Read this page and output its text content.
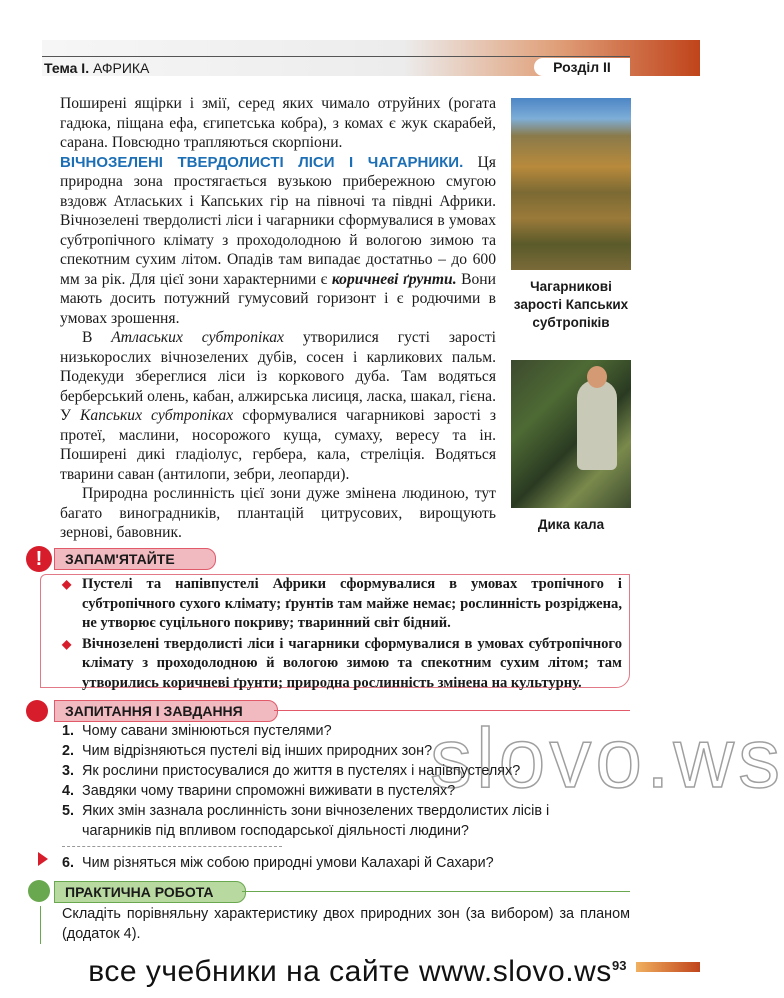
Тема І. АФРИКА	Розділ ІІ

Поширені ящірки і змії, серед яких чимало отруйних (рогата гадюка, піщана ефа, єгипетська кобра), з комах є жук скарабей, сарана. Повсюдно трапляються скорпіони.

ВІЧНОЗЕЛЕНІ ТВЕРДОЛИСТІ ЛІСИ І ЧАГАРНИКИ. Ця природна зона простягається вузькою прибережною смугою вздовж Атлаських і Капських гір на півночі та півдні Африки. Вічнозелені твердолисті ліси і чагарники сформувалися в умовах субтропічного клімату з проходолодною й вологою зимою та спекотним сухим літом. Опадів там випадає достатньо – до 600 мм за рік. Для цієї зони характерними є коричневі ґрунти. Вони мають досить потужний гумусовий горизонт і є родючими в умовах зрошення.

В Атлаських субтропіках утворилися густі зарості низькорослих вічнозелених дубів, сосен і карликових пальм. Подекуди збереглися ліси із коркового дуба. Там водяться берберський олень, кабан, алжирська лисиця, ласка, шакал, гієна. У Капських субтропіках сформувалися чагарникові зарості з протеї, маслини, носорожого куща, сумаху, вересу та ін. Поширені дикі гладіолус, гербера, кала, стреліція. Водяться тварини саван (антилопи, зебри, леопарди).

Природна рослинність цієї зони дуже змінена людиною, тут багато виноградників, плантацій цитрусових, вирощують зернові, бавовник.

Чагарникові зарості Капських субтропіків
Дика кала
!	ЗАПАМ'ЯТАЙТЕ
◆ Пустелі та напівпустелі Африки сформувалися в умовах тропічного і субтропічного сухого клімату; ґрунтів там майже немає; рослинність розріджена, не утворює суцільного покриву; тваринний світ бідний.
◆ Вічнозелені твердолисті ліси і чагарники сформувалися в умовах субтропічного клімату з проходолодною й вологою зимою та спекотним сухим літом; там утворились коричневі ґрунти; природна рослинність змінена на культурну.
ЗАПИТАННЯ І ЗАВДАННЯ
1. Чому савани змінюються пустелями?
2. Чим відрізняються пустелі від інших природних зон?
3. Як рослини пристосувалися до життя в пустелях і напівпустелях?
4. Завдяки чому тварини спроможні виживати в пустелях?
5. Яких змін зазнала рослинність зони вічнозелених твердолистих лісів і чагарників під впливом господарської діяльності людини?
6. Чим різняться між собою природні умови Калахарі й Сахари?
ПРАКТИЧНА РОБОТА
Складіть порівняльну характеристику двох природних зон (за вибором) за планом (додаток 4).
slovo.ws
93
все учебники на сайте www.slovo.ws
